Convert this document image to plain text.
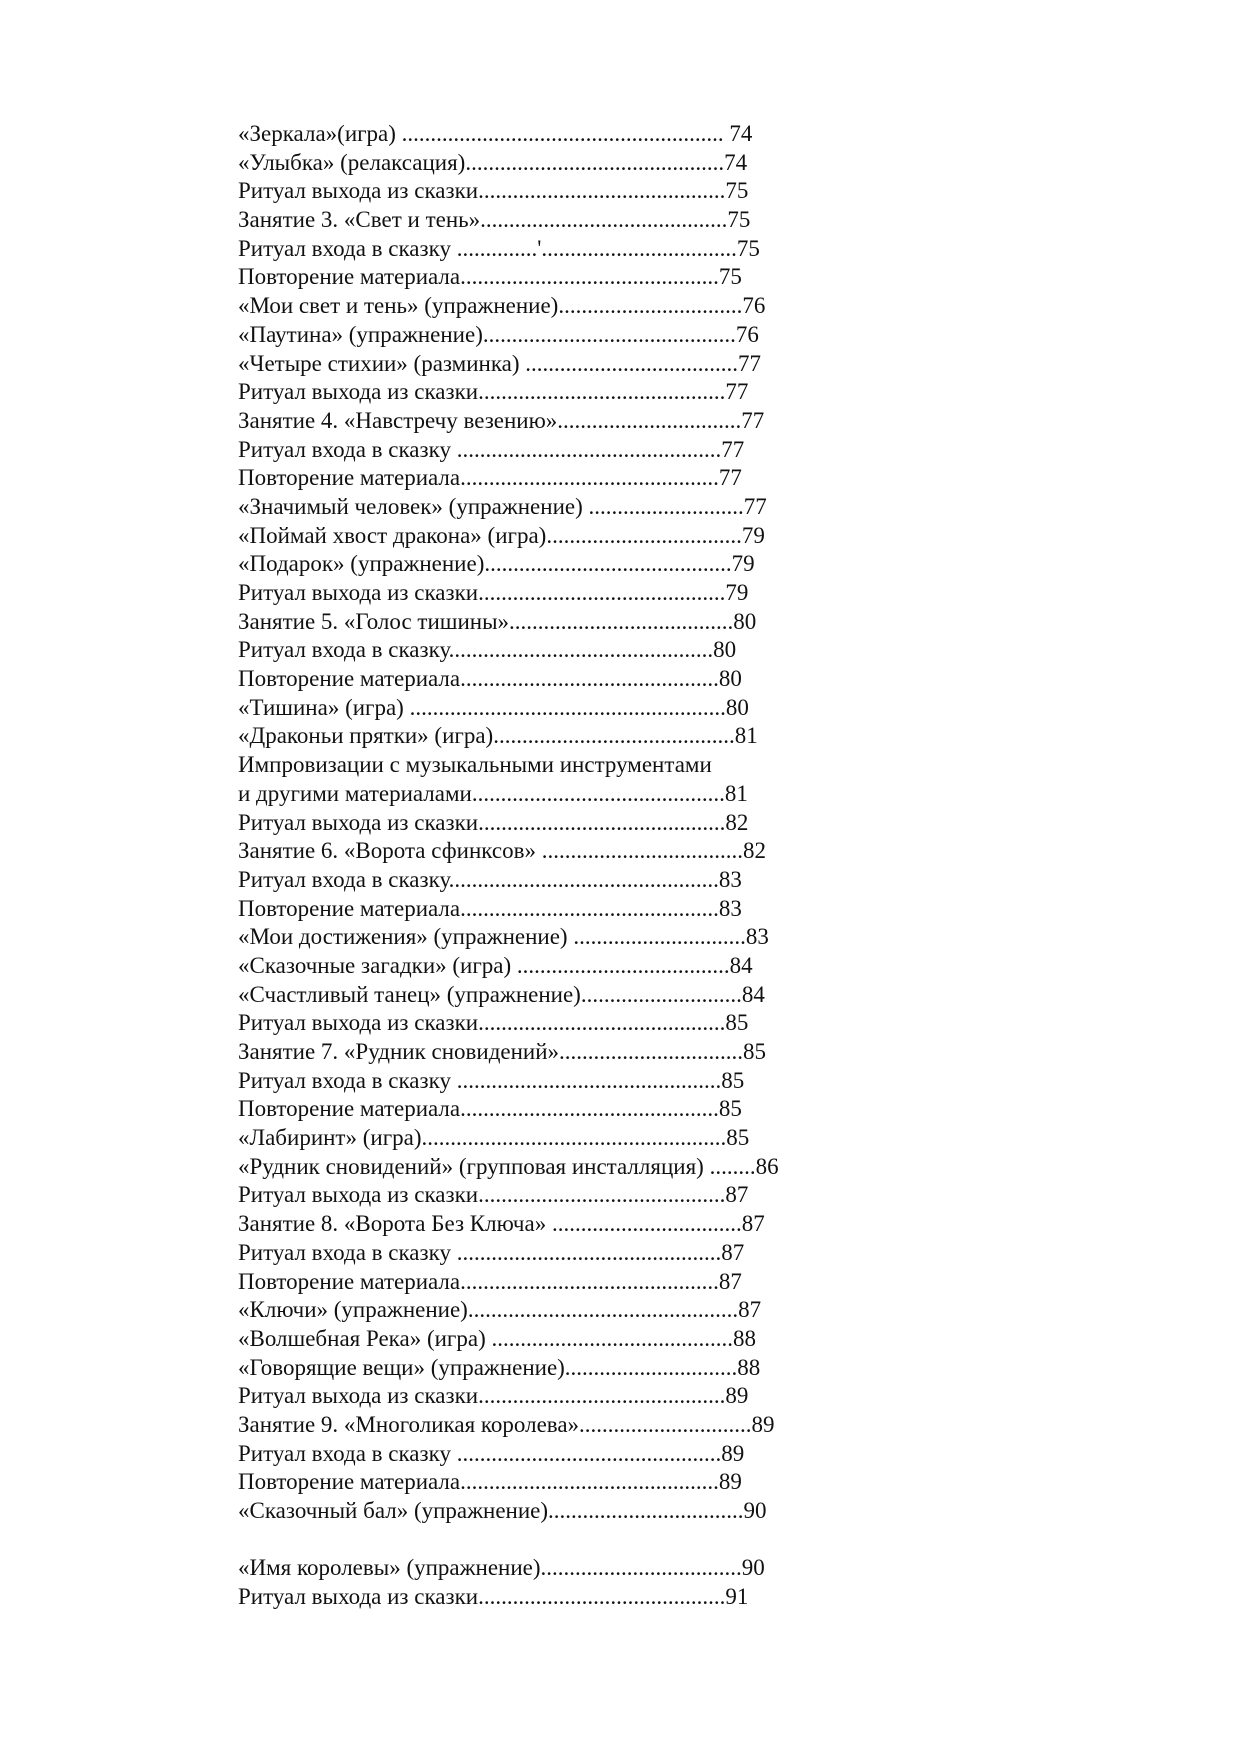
«Зеркала»(игра) ........................................................ 74
«Улыбка» (релаксация).............................................74
Ритуал выхода из сказки...........................................75
Занятие 3. «Свет и тень»...........................................75
Ритуал входа в сказку ..............'..................................75
Повторение материала.............................................75
«Мои свет и тень» (упражнение)................................76
«Паутина» (упражнение)............................................76
«Четыре стихии» (разминка) .....................................77
Ритуал выхода из сказки...........................................77
Занятие 4. «Навстречу везению»................................77
Ритуал входа в сказку ..............................................77
Повторение материала.............................................77
«Значимый человек» (упражнение) ...........................77
«Поймай хвост дракона» (игра)..................................79
«Подарок» (упражнение)...........................................79
Ритуал выхода из сказки...........................................79
Занятие 5. «Голос тишины».......................................80
Ритуал входа в сказку..............................................80
Повторение материала.............................................80
«Тишина» (игра) .......................................................80
«Драконьи прятки» (игра)..........................................81
Импровизации с музыкальными инструментами
и другими материалами............................................81
Ритуал выхода из сказки...........................................82
Занятие 6. «Ворота сфинксов» ...................................82
Ритуал входа в сказку...............................................83
Повторение материала.............................................83
«Мои достижения» (упражнение) ..............................83
«Сказочные загадки» (игра) .....................................84
«Счастливый танец» (упражнение)............................84
Ритуал выхода из сказки...........................................85
Занятие 7. «Рудник сновидений»................................85
Ритуал входа в сказку ..............................................85
Повторение материала.............................................85
«Лабиринт» (игра).....................................................85
«Рудник сновидений» (групповая инсталляция) ........86
Ритуал выхода из сказки...........................................87
Занятие 8. «Ворота Без Ключа» .................................87
Ритуал входа в сказку ..............................................87
Повторение материала.............................................87
«Ключи» (упражнение)...............................................87
«Волшебная Река» (игра) ..........................................88
«Говорящие вещи» (упражнение)..............................88
Ритуал выхода из сказки...........................................89
Занятие 9. «Многоликая королева»..............................89
Ритуал входа в сказку ..............................................89
Повторение материала.............................................89
«Сказочный бал» (упражнение)..................................90
«Имя королевы» (упражнение)...................................90
Ритуал выхода из сказки...........................................91
